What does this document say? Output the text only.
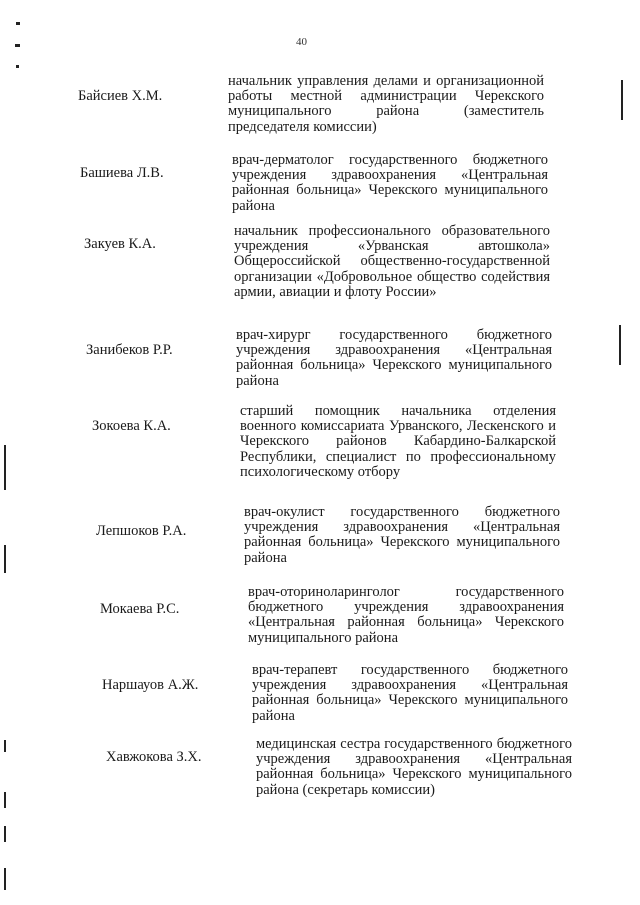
40
Байсиев Х.М.
начальник управления делами и организационной работы местной администрации Черекского муниципального района (заместитель председателя комиссии)
Башиева Л.В.
врач-дерматолог государственного бюджетного учреждения здравоохранения «Центральная районная больница» Черекского муниципального района
Закуев К.А.
начальник профессионального образовательного учреждения «Урванская автошкола» Общероссийской общественно-государственной организации «Добровольное общество содействия армии, авиации и флоту России»
Занибеков Р.Р.
врач-хирург государственного бюджетного учреждения здравоохранения «Центральная районная больница» Черекского муниципального района
Зокоева К.А.
старший помощник начальника отделения военного комиссариата Урванского, Лескенского и Черекского районов Кабардино-Балкарской Республики, специалист по профессиональному психологическому отбору
Лепшоков Р.А.
врач-окулист государственного бюджетного учреждения здравоохранения «Центральная районная больница» Черекского муниципального района
Мокаева Р.С.
врач-оториноларинголог государственного бюджетного учреждения здравоохранения «Центральная районная больница» Черекского муниципального района
Наршауов А.Ж.
врач-терапевт государственного бюджетного учреждения здравоохранения «Центральная районная больница» Черекского муниципального района
Хавжокова З.Х.
медицинская сестра государственного бюджетного учреждения здравоохранения «Центральная районная больница» Черекского муниципального района (секретарь комиссии)
